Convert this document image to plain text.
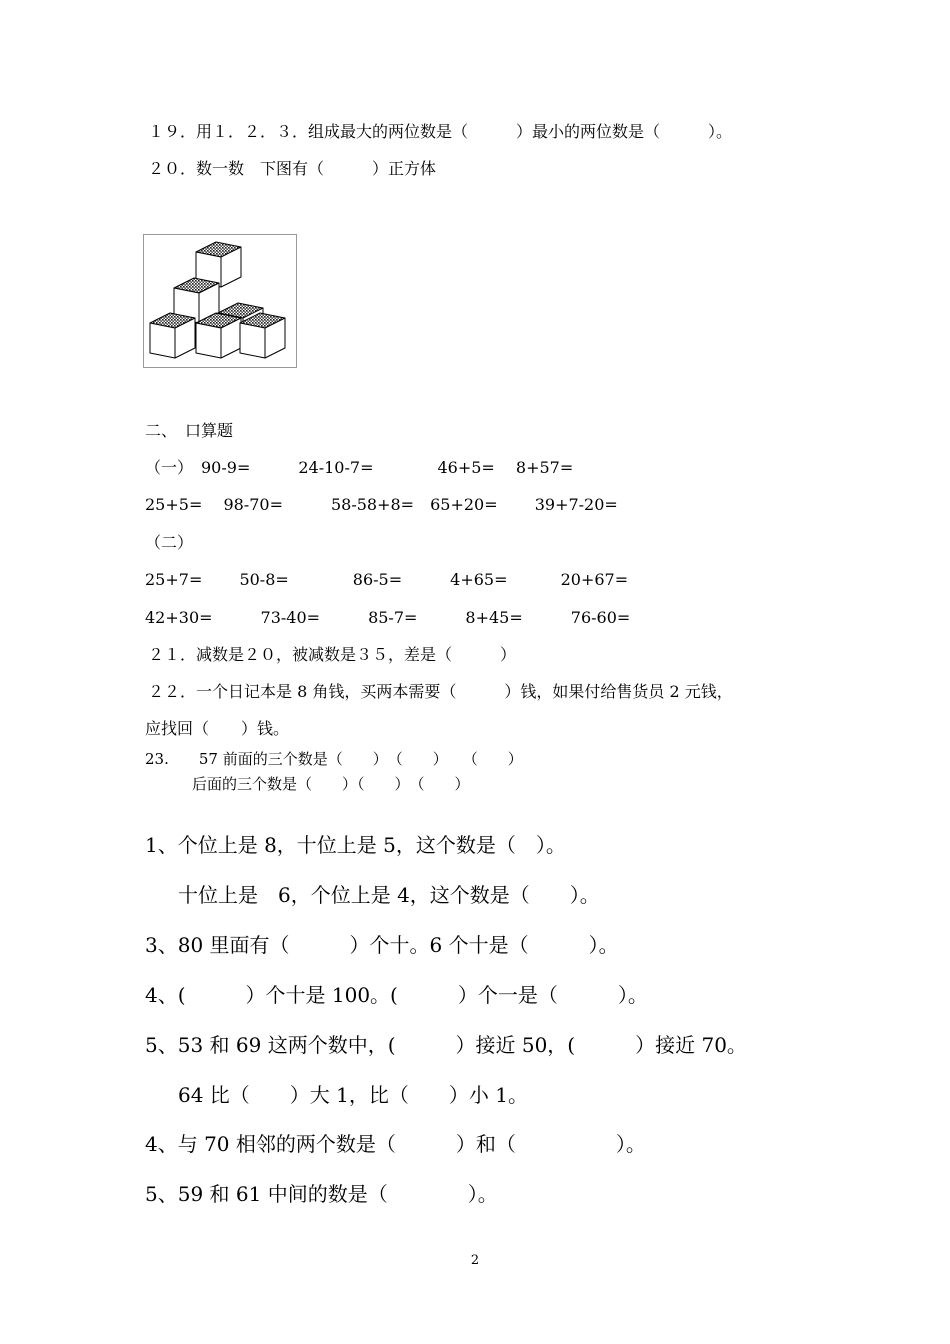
１９．用１．２．３．组成最大的两位数是（　　　）最小的两位数是（　　　）。
２０．数一数　下图有（　　　）正方体
二、　口算题
（一）　90-9=　　　24-10-7=　　　　46+5=　 8+57=
25+5=　 98-70=　　　58-58+8=　65+20=　　 39+7-20=
（二）
25+7=　　 50-8=　　　　86-5=　　　4+65=　　　 20+67=
42+30=　　　73-40=　　　85-7=　　　8+45=　　　76-60=
２１．减数是２０，被减数是３５，差是（　　　）
２２．一个日记本是 8 角钱，买两本需要（　　　）钱，如果付给售货员 2 元钱，
应找回（　　）钱。
23.　　57 前面的三个数是（　　）　（　　）　　（　　）
后面的三个数是（　　）（　　）　（　　）
1、个位上是 8，十位上是 5，这个数是（　）。
十位上是　6，个位上是 4，这个数是（　　）。
3、80 里面有（　　　）个十。6 个十是（　　　）。
4、(　　　）个十是 100。(　　　）个一是（　　　）。
5、53 和 69 这两个数中，(　　　）接近 50，(　　　）接近 70。
64 比（　　）大 1，比（　　）小 1。
4、与 70 相邻的两个数是（　　　）和（　　　　　）。
5、59 和 61 中间的数是（　　　　）。
2
